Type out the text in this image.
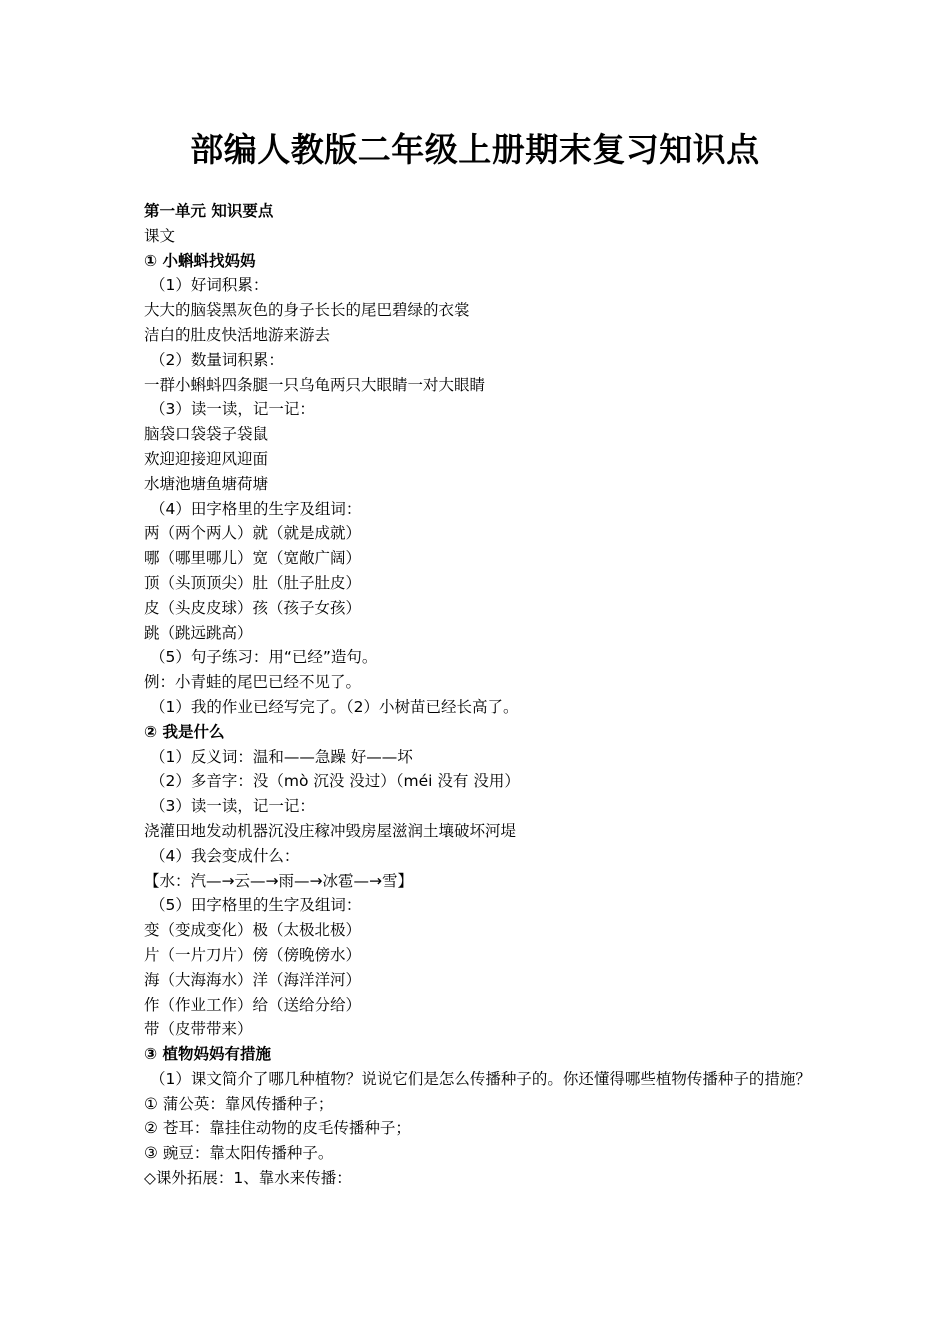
部编人教版二年级上册期末复习知识点
第一单元 知识要点
课文
① 小蝌蚪找妈妈
（1）好词积累：
大大的脑袋黑灰色的身子长长的尾巴碧绿的衣裳
洁白的肚皮快活地游来游去
（2）数量词积累：
一群小蝌蚪四条腿一只乌龟两只大眼睛一对大眼睛
（3）读一读，记一记：
脑袋口袋袋子袋鼠
欢迎迎接迎风迎面
水塘池塘鱼塘荷塘
（4）田字格里的生字及组词：
两（两个两人）就（就是成就）
哪（哪里哪儿）宽（宽敞广阔）
顶（头顶顶尖）肚（肚子肚皮）
皮（头皮皮球）孩（孩子女孩）
跳（跳远跳高）
（5）句子练习：用“已经”造句。
例：小青蛙的尾巴已经不见了。
（1）我的作业已经写完了。（2）小树苗已经长高了。
② 我是什么
（1）反义词：温和——急躁 好——坏
（2）多音字：没（mò 沉没 没过）（méi 没有 没用）
（3）读一读，记一记：
浇灌田地发动机器沉没庄稼冲毁房屋滋润土壤破坏河堤
（4）我会变成什么：
【水：汽—→云—→雨—→冰雹—→雪】
（5）田字格里的生字及组词：
变（变成变化）极（太极北极）
片（一片刀片）傍（傍晚傍水）
海（大海海水）洋（海洋洋河）
作（作业工作）给（送给分给）
带（皮带带来）
③ 植物妈妈有措施
（1）课文简介了哪几种植物？说说它们是怎么传播种子的。你还懂得哪些植物传播种子的措施？
① 蒲公英：靠风传播种子；
② 苍耳：靠挂住动物的皮毛传播种子；
③ 豌豆：靠太阳传播种子。
◇课外拓展：1、靠水来传播：
